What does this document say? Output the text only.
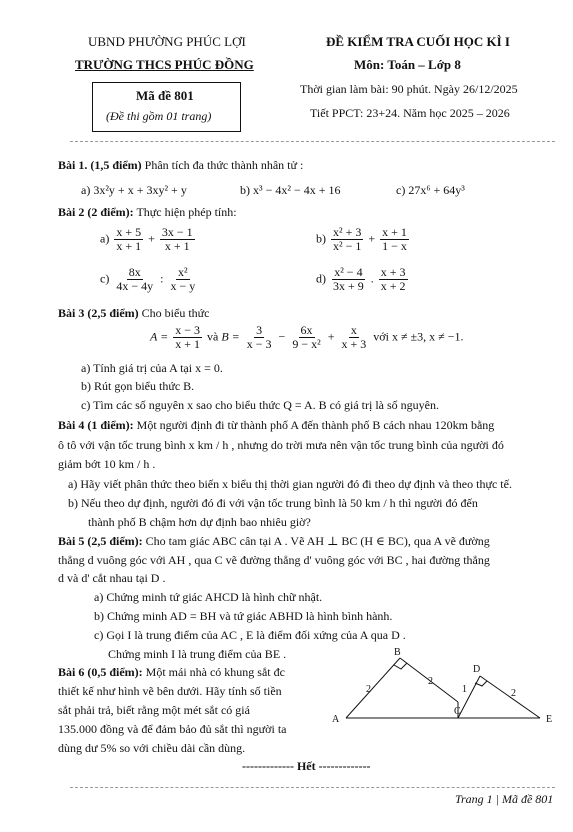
UBND PHƯỜNG PHÚC LỢI
TRƯỜNG THCS PHÚC ĐỒNG
Mã đề 801
(Đề thi gồm 01 trang)
ĐỀ KIỂM TRA CUỐI HỌC KÌ I
Môn: Toán – Lớp 8
Thời gian làm bài: 90 phút. Ngày 26/12/2025
Tiết PPCT: 23+24. Năm học 2025 – 2026
Bài 1. (1,5 điểm) Phân tích đa thức thành nhân tử :
a) 3x²y + x + 3xy² + y	b) x³ − 4x² − 4x + 16	c) 27x⁶ + 64y³
Bài 2 (2 điểm): Thực hiện phép tính:
$a) \frac{x + 5}{x + 1} + \frac{3x - 1}{x + 1}$	$b) \frac{\text{x² + 3}}{\text{x² − 1}} + \frac{x + 1}{1 - x}$
$c) \frac{8x}{4x - 4y}$ : $\frac{\text{x²}}{x - y}$	$d) \frac{\text{x² − 4}}{3x + 9}$ . $\frac{x + 3}{x + 2}$
Bài 3 (2,5 điểm) Cho biểu thức
$A = \frac{x - 3}{x + 1}$ và $B = \frac{3}{x - 3} - \frac{6x}{\text{9 − x²}} + \frac{x}{x + 3}$ với x ≠ ±3, x ≠ −1.
a) Tính giá trị của A tại x = 0.
b) Rút gọn biểu thức B.
c) Tìm các số nguyên x sao cho biểu thức Q = A. B có giá trị là số nguyên.
Bài 4 (1 điểm): Một người định đi từ thành phố A đến thành phố B cách nhau 120km bằng
ô tô với vận tốc trung bình x km / h , nhưng do trời mưa nên vận tốc trung bình của người đó
giảm bớt 10 km / h .
a) Hãy viết phân thức theo biến x biểu thị thời gian người đó đi theo dự định và theo thực tế.
b) Nếu theo dự định, người đó đi với vận tốc trung bình là 50 km / h thì người đó đến
thành phố B chậm hơn dự định bao nhiêu giờ?
Bài 5 (2,5 điểm): Cho tam giác ABC cân tại A . Vẽ AH ⊥ BC (H ∈ BC), qua A vẽ đường
thẳng d vuông góc với AH , qua C vẽ đường thẳng d' vuông góc với BC , hai đường thẳng
d và d' cắt nhau tại D .
a) Chứng minh tứ giác AHCD là hình chữ nhật.
b) Chứng minh AD = BH và tứ giác ABHD là hình bình hành.
c) Gọi I là trung điểm của AC , E là điểm đối xứng của A qua D .
Chứng minh I là trung điểm của BE .
Bài 6 (0,5 điểm): Một mái nhà có khung sắt đc
thiết kế như hình vẽ bên dưới. Hãy tính số tiền
sắt phải trả, biết rằng một mét sắt có giá
135.000 đồng và để đảm bảo đủ sắt thì người ta
dùng dư 5% so với chiều dài cần dùng.
A
B
C
D
E
2
2
1	2
------------- Hết -------------
Trang 1 | Mã đề 801
